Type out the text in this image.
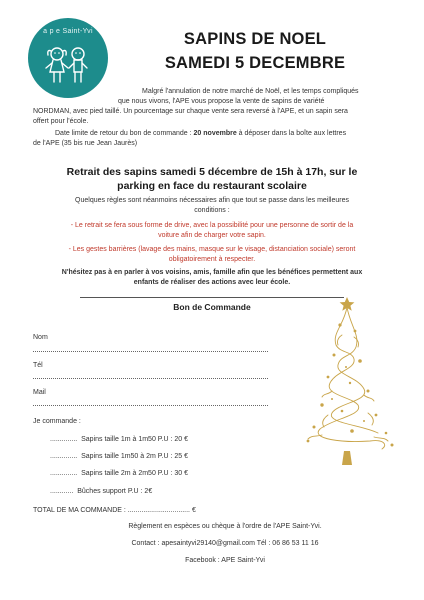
a p e Saint-Yvi	SAPINS DE NOEL
SAMEDI 5 DECEMBRE
Malgré l'annulation de notre marché de Noël, et les temps compliqués
que nous vivons, l'APE vous propose la vente de sapins de variété
NORDMAN, avec pied taillé. Un pourcentage sur chaque vente sera reversé à l'APE, et un sapin sera
offert pour l'école.
Date limite de retour du bon de commande : 20 novembre à déposer dans la boîte aux lettres
de l'APE (35 bis rue Jean Jaurès)
Retrait des sapins samedi 5 décembre de 15h à 17h, sur le
parking en face du restaurant scolaire
Quelques règles sont néanmoins nécessaires afin que tout se passe dans les meilleures
conditions :
- Le retrait se fera sous forme de drive, avec la possibilité pour une personne de sortir de la
voiture afin de charger votre sapin.
- Les gestes barrières (lavage des mains, masque sur le visage, distanciation sociale) seront
obligatoirement à respecter.
N'hésitez pas à en parler à vos voisins, amis, famille afin que les bénéfices permettent aux
enfants de réaliser des actions avec leur école.
Bon de Commande
Nom
Tél
Mail
Je commande :
.............. Sapins taille 1m à 1m50 P.U : 20 €
.............. Sapins taille 1m50 à 2m P.U : 25 €
.............. Sapins taille 2m à 2m50 P.U : 30 €
............ Bûches support P.U : 2€
TOTAL DE MA COMMANDE : ................................ €
Règlement en espèces ou chèque à l'ordre de l'APE Saint-Yvi.
Contact : apesaintyvi29140@gmail.com Tél : 06 86 53 11 16
Facebook : APE Saint-Yvi
